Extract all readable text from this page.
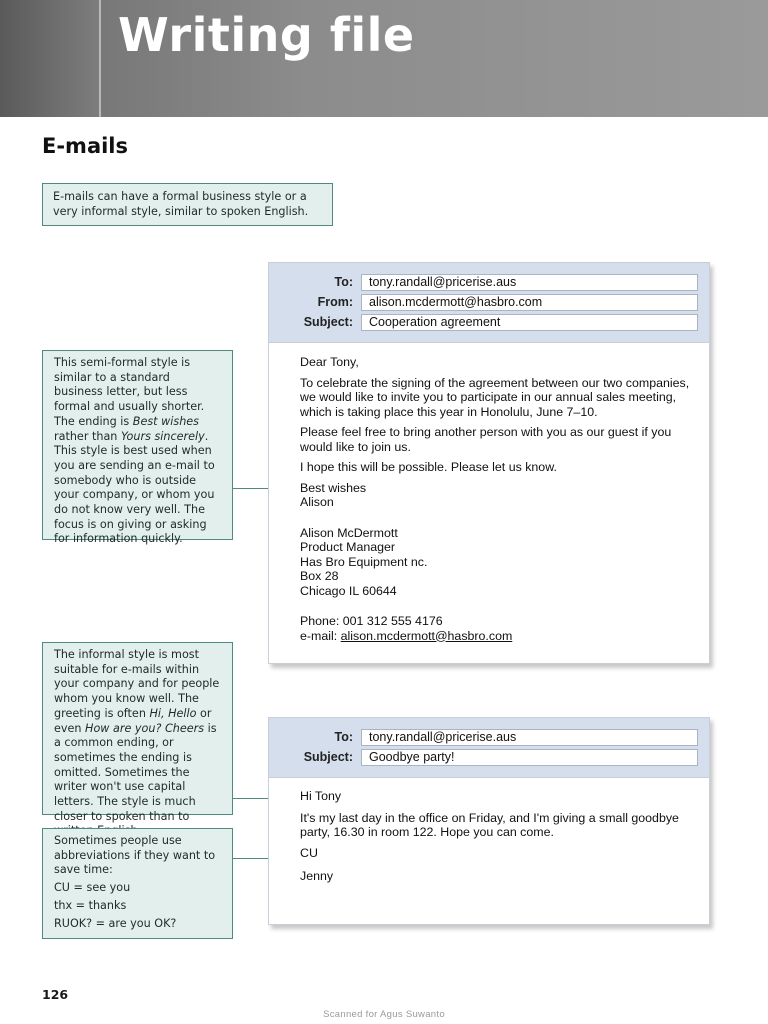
Writing file
E-mails

E-mails can have a formal business style or a very informal style, similar to spoken English.

This semi-formal style is similar to a standard business letter, but less formal and usually shorter. The ending is Best wishes rather than Yours sincerely. This style is best used when you are sending an e-mail to somebody who is outside your company, or whom you do not know very well. The focus is on giving or asking for information quickly.

The informal style is most suitable for e-mails within your company and for people whom you know well. The greeting is often Hi, Hello or even How are you? Cheers is a common ending, or sometimes the ending is omitted. Sometimes the writer won't use capital letters. The style is much closer to spoken than to

Sometimes people use abbreviations if they want to save time:

CU = see you

thx = thanks

RUOK? = are you OK?

To:	tony.randall@pricerise.aus
From:	alison.mcdermott@hasbro.com
Subject:	Cooperation agreement

Dear Tony,

To celebrate the signing of the agreement between our two companies, we would like to invite you to participate in our annual sales meeting, which is taking place this year in Honolulu, June 7–10.

Please feel free to bring another person with you as our guest if you would like to join us.

I hope this will be possible. Please let us know.

Best wishes

Alison

Alison McDermott

Product Manager

Has Bro Equipment nc.

Box 28

Chicago IL 60644

Phone: 001 312 555 4176

e-mail: alison.mcdermott@hasbro.com

To:	tony.randall@pricerise.aus
Subject:	Goodbye party!

Hi Tony

It's my last day in the office on Friday, and I'm giving a small goodbye party, 16.30 in room 122. Hope you can come.

CU

Jenny

126
Scanned for Agus Suwanto
